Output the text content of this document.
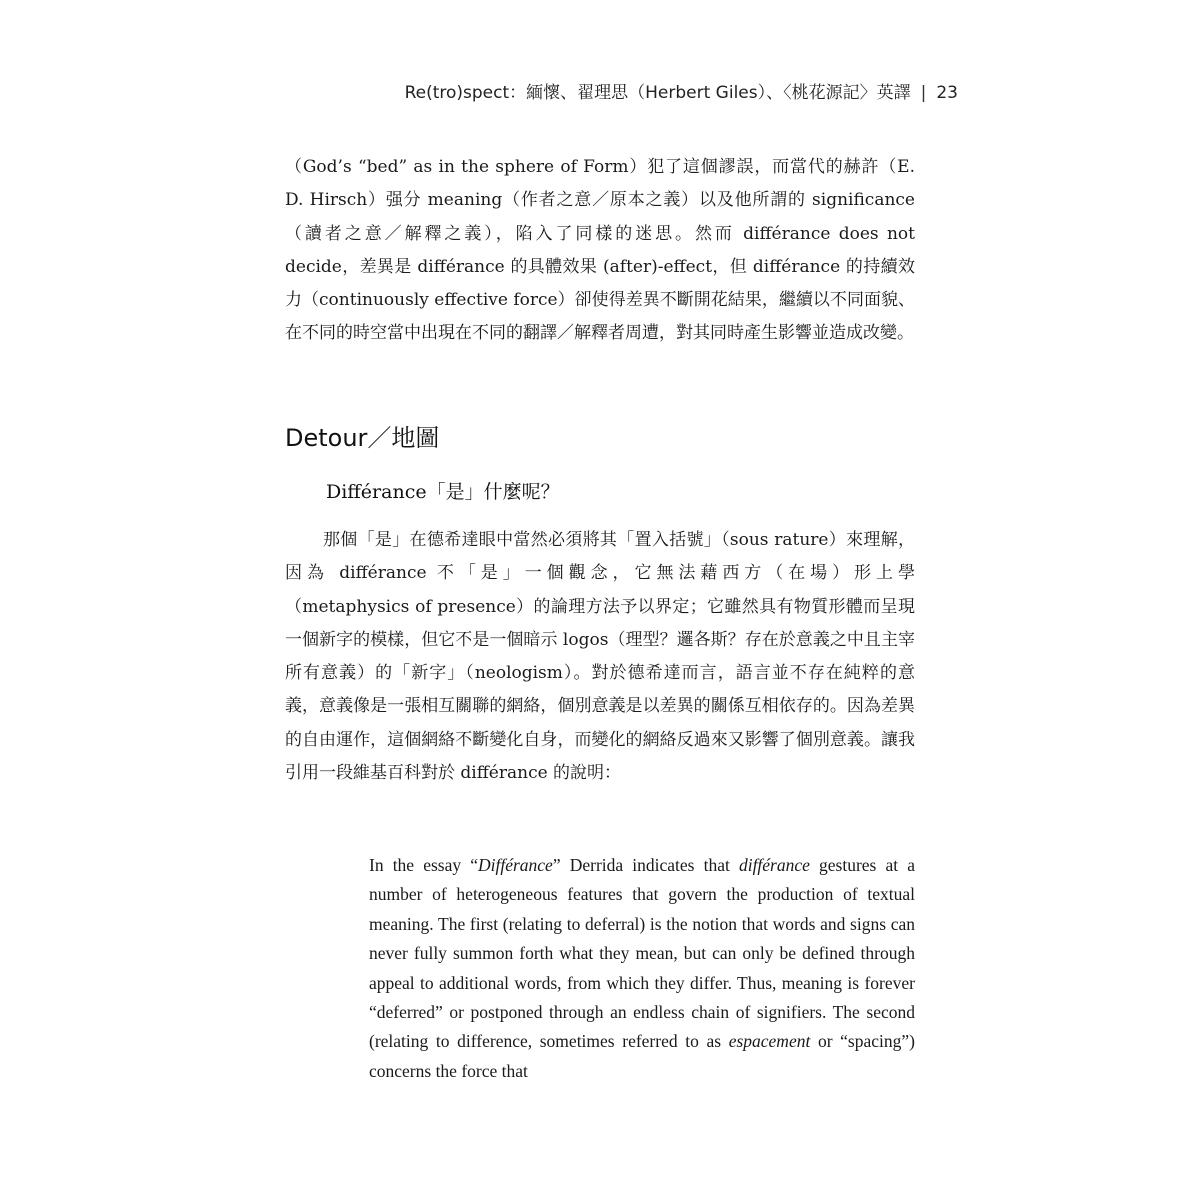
Re(tro)spect：緬懷、翟理思（Herbert Giles）、〈桃花源記〉英譯 | 23

（God’s “bed” as in the sphere of Form）犯了這個謬誤，而當代的赫許（E. D. Hirsch）强分 meaning（作者之意／原本之義）以及他所謂的 significance（讀者之意／解釋之義），陷入了同樣的迷思。然而 différance does not decide，差異是 différance 的具體效果 (after)-effect，但 différance 的持續效力（continuously effective force）卻使得差異不斷開花結果，繼續以不同面貌、在不同的時空當中出現在不同的翻譯／解釋者周遭，對其同時產生影響並造成改變。

Detour／地圖
Différance「是」什麼呢？

那個「是」在德希達眼中當然必須將其「置入括號」（sous rature）來理解，因為 différance 不「是」一個觀念，它無法藉西方（在場）形上學（metaphysics of presence）的論理方法予以界定；它雖然具有物質形體而呈現一個新字的模樣，但它不是一個暗示 logos（理型？邏各斯？存在於意義之中且主宰所有意義）的「新字」（neologism）。對於德希達而言，語言並不存在純粹的意義，意義像是一張相互關聯的網絡，個別意義是以差異的關係互相依存的。因為差異的自由運作，這個網絡不斷變化自身，而變化的網絡反過來又影響了個別意義。讓我引用一段維基百科對於 différance 的說明：

In the essay “Différance” Derrida indicates that différance gestures at a number of heterogeneous features that govern the production of textual meaning. The first (relating to deferral) is the notion that words and signs can never fully summon forth what they mean, but can only be defined through appeal to additional words, from which they differ. Thus, meaning is forever “deferred” or postponed through an endless chain of signifiers. The second (relating to difference, sometimes referred to as espacement or “spacing”) concerns the force that
